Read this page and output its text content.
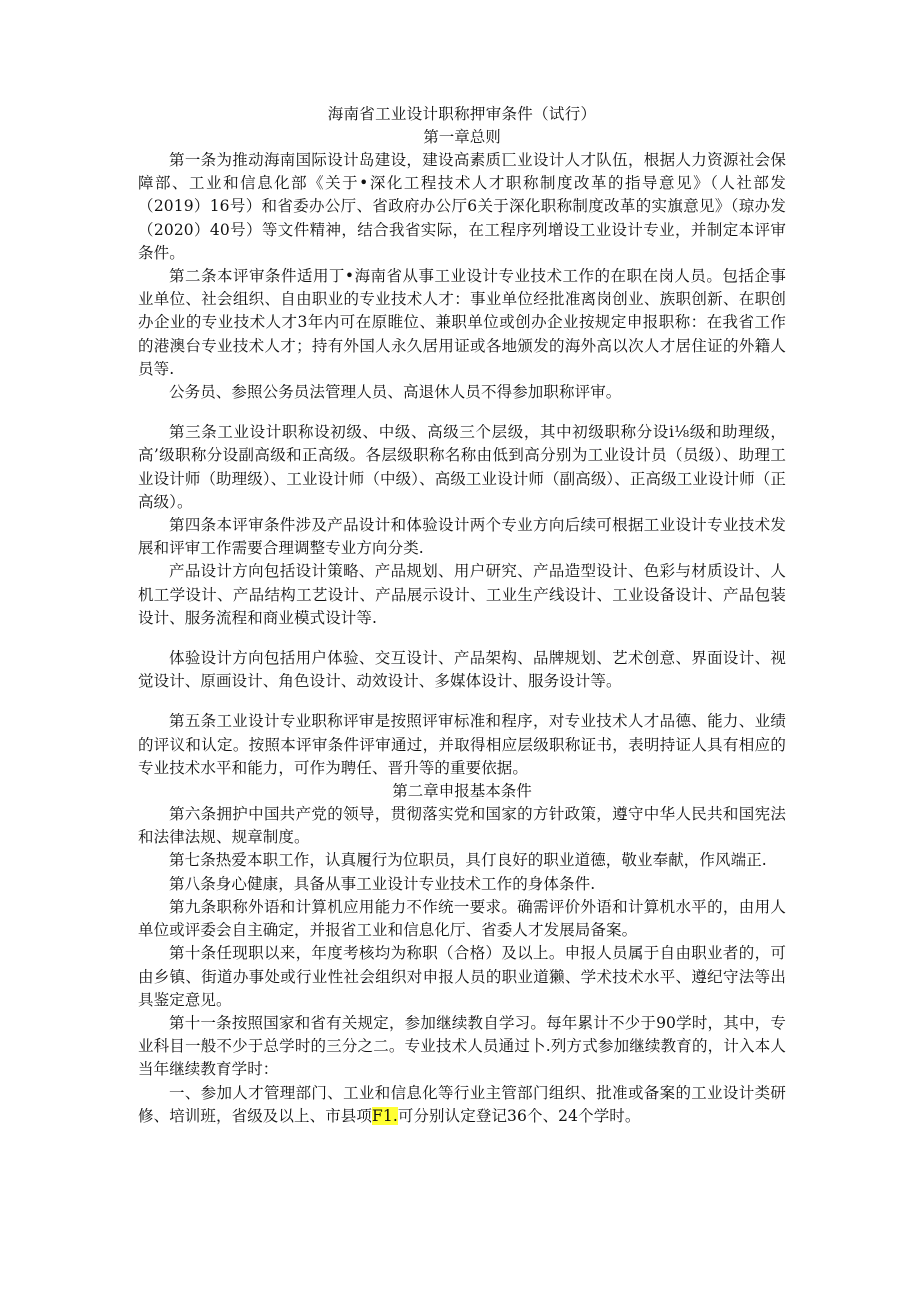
海南省工业设计职称押审条件（试行）
第一章总则

第一条为推动海南国际设计岛建设，建设高素质匸业设计人才队伍，根据人力资源社会保障部、工业和信息化部《关于•深化工程技术人才职称制度改革的指导意见》（人社部发（2019）16号）和省委办公厅、省政府办公厅6关于深化职称制度改革的实旗意见》（琼办发（2020）40号）等文件精神，结合我省实际，在工程序列增设工业设计专业，并制定本评审条件。

第二条本评审条件适用丁•海南省从事工业设计专业技术工作的在职在岗人员。包括企事业单位、社会组织、自由职业的专业技术人才：事业单位经批准离岗创业、族职创新、在职创办企业的专业技术人才3年内可在原睢位、兼职单位或创办企业按规定申报职称：在我省工作的港澳台专业技术人才；持有外国人永久居用证或各地颁发的海外高以次人才居住证的外籍人员等.

公务员、参照公务员法管理人员、高退休人员不得参加职称评审。

第三条工业设计职称设初级、中级、高级三个层级，其中初级职称分设i⅛级和助理级，高’级职称分设副高级和正高级。各层级职称名称由低到高分别为工业设计员（员级）、助理工业设计师（助理级）、工业设计师（中级）、高级工业设计师（副高级）、正高级工业设计师（正高级）。

第四条本评审条件涉及产品设计和体验设计两个专业方向后续可根据工业设计专业技术发展和评审工作需要合理调整专业方向分类.

产品设计方向包括设计策略、产品规划、用户研究、产品造型设计、色彩与材质设计、人机工学设计、产品结构工艺设计、产品展示设计、工业生产线设计、工业设备设计、产品包装设计、服务流程和商业模式设计等.

体验设计方向包括用户体验、交互设计、产品架构、品牌规划、艺术创意、界面设计、视觉设计、原画设计、角色设计、动效设计、多媒体设计、服务设计等。

第五条工业设计专业职称评审是按照评审标准和程序，对专业技术人才品德、能力、业绩的评议和认定。按照本评审条件评审通过，并取得相应层级职称证书，表明持证人具有相应的专业技术水平和能力，可作为聘任、晋升等的重要依据。

第二章申报基本条件

第六条拥护中国共产党的领导，贯彻落实党和国家的方针政策，遵守中华人民共和国宪法和法律法规、规章制度。

第七条热爱本职工作，认真履行为位职员，具仃良好的职业道德，敬业奉献，作风端正.

第八条身心健康，具备从事工业设计专业技术工作的身体条件.

第九条职称外语和计算机应用能力不作统一要求。确需评价外语和计算机水平的，由用人单位或评委会自主确定，并报省工业和信息化厅、省委人才发展局备案。

第十条任现职以来，年度考核均为称职（合格）及以上。申报人员属于自由职业者的，可由乡镇、街道办事处或行业性社会组织对申报人员的职业道獭、学术技术水平、遵纪守法等出具鉴定意见。

第十一条按照国家和省有关规定，参加继续教自学习。每年累计不少于90学时，其中，专业科目一般不少于总学时的三分之二。专业技术人员通过卜.列方式参加继续教育的，计入本人当年继续教育学时：

一、参加人才管理部门、工业和信息化等行业主管部门组织、批准或备案的工业设计类研修、培训班，省级及以上、市县项F1.可分别认定登记36个、24个学时。
